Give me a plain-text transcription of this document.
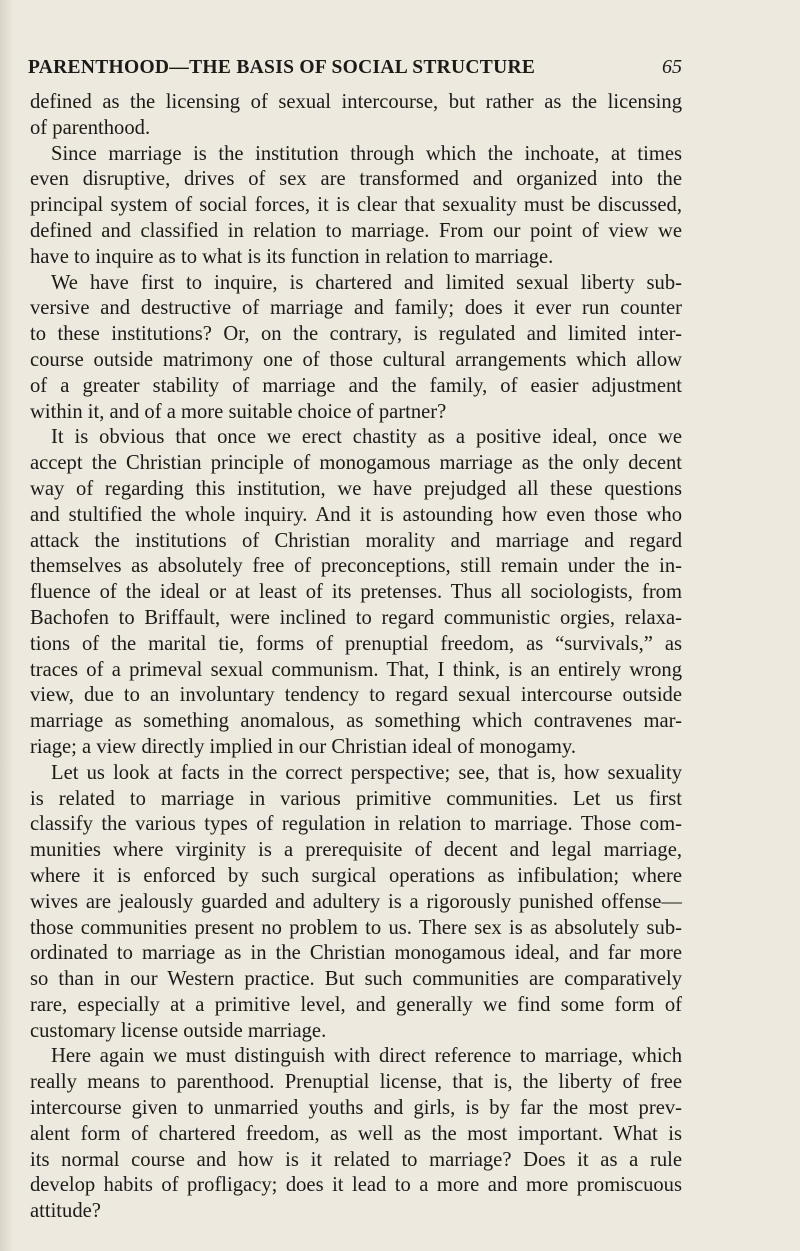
PARENTHOOD—THE BASIS OF SOCIAL STRUCTURE	65
defined as the licensing of sexual intercourse, but rather as the licensing
of parenthood.
Since marriage is the institution through which the inchoate, at times
even disruptive, drives of sex are transformed and organized into the
principal system of social forces, it is clear that sexuality must be discussed,
defined and classified in relation to marriage. From our point of view we
have to inquire as to what is its function in relation to marriage.
We have first to inquire, is chartered and limited sexual liberty sub-
versive and destructive of marriage and family; does it ever run counter
to these institutions? Or, on the contrary, is regulated and limited inter-
course outside matrimony one of those cultural arrangements which allow
of a greater stability of marriage and the family, of easier adjustment
within it, and of a more suitable choice of partner?
It is obvious that once we erect chastity as a positive ideal, once we
accept the Christian principle of monogamous marriage as the only decent
way of regarding this institution, we have prejudged all these questions
and stultified the whole inquiry. And it is astounding how even those who
attack the institutions of Christian morality and marriage and regard
themselves as absolutely free of preconceptions, still remain under the in-
fluence of the ideal or at least of its pretenses. Thus all sociologists, from
Bachofen to Briffault, were inclined to regard communistic orgies, relaxa-
tions of the marital tie, forms of prenuptial freedom, as “survivals,” as
traces of a primeval sexual communism. That, I think, is an entirely wrong
view, due to an involuntary tendency to regard sexual intercourse outside
marriage as something anomalous, as something which contravenes mar-
riage; a view directly implied in our Christian ideal of monogamy.
Let us look at facts in the correct perspective; see, that is, how sexuality
is related to marriage in various primitive communities. Let us first
classify the various types of regulation in relation to marriage. Those com-
munities where virginity is a prerequisite of decent and legal marriage,
where it is enforced by such surgical operations as infibulation; where
wives are jealously guarded and adultery is a rigorously punished offense—
those communities present no problem to us. There sex is as absolutely sub-
ordinated to marriage as in the Christian monogamous ideal, and far more
so than in our Western practice. But such communities are comparatively
rare, especially at a primitive level, and generally we find some form of
customary license outside marriage.
Here again we must distinguish with direct reference to marriage, which
really means to parenthood. Prenuptial license, that is, the liberty of free
intercourse given to unmarried youths and girls, is by far the most prev-
alent form of chartered freedom, as well as the most important. What is
its normal course and how is it related to marriage? Does it as a rule
develop habits of profligacy; does it lead to a more and more promiscuous
attitude?
